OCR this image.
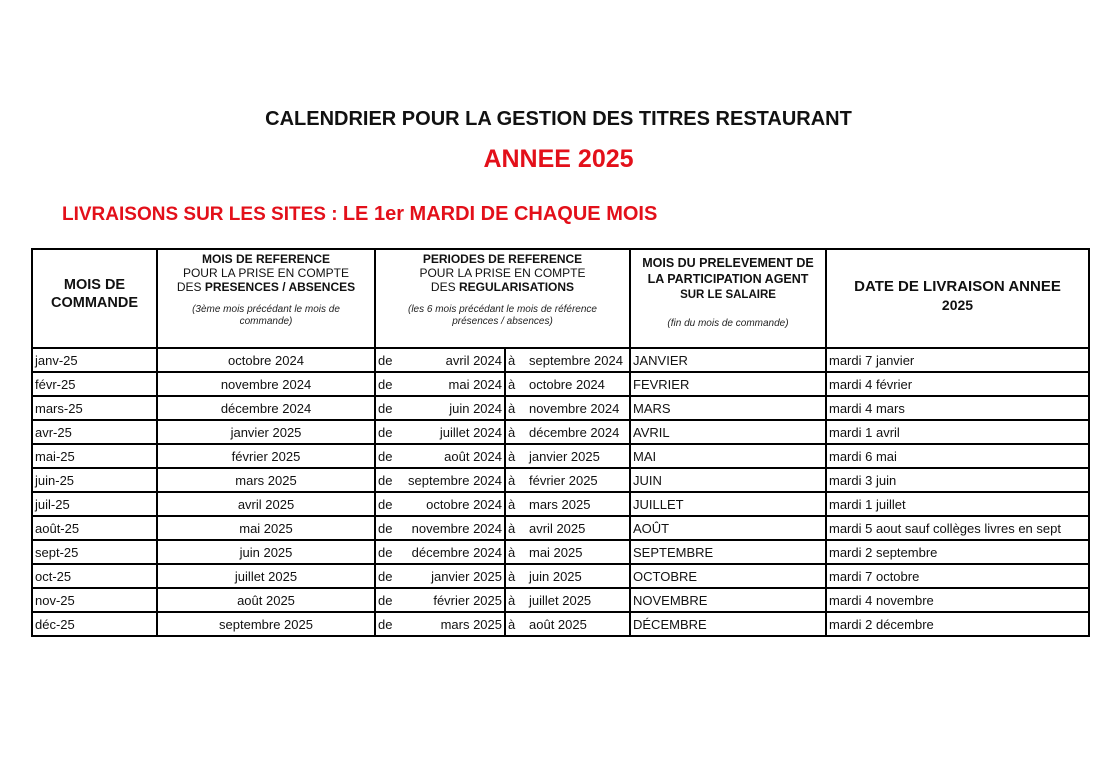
CALENDRIER POUR LA GESTION DES TITRES RESTAURANT
ANNEE 2025
LIVRAISONS SUR LES SITES : LE 1er MARDI DE CHAQUE MOIS
MOIS DE
COMMANDE

MOIS DE REFERENCE
POUR LA PRISE EN COMPTE
DES PRESENCES / ABSENCES
(3ème mois précédant le mois de commande)

PERIODES DE REFERENCE
POUR LA PRISE EN COMPTE
DES REGULARISATIONS
(les 6 mois précédant le mois de référence présences / absences)

MOIS DU PRELEVEMENT DE
LA PARTICIPATION AGENT
SUR LE SALAIRE
(fin du mois de commande)

DATE DE LIVRAISON ANNEE
2025

janv-25	octobre 2024	de	avril 2024	à	septembre 2024	JANVIER	mardi 7 janvier
févr-25	novembre 2024	de	mai 2024	à	octobre 2024	FEVRIER	mardi 4 février
mars-25	décembre 2024	de	juin 2024	à	novembre 2024	MARS	mardi 4 mars
avr-25	janvier 2025	de	juillet 2024	à	décembre 2024	AVRIL	mardi 1 avril
mai-25	février 2025	de	août 2024	à	janvier 2025	MAI	mardi 6 mai
juin-25	mars 2025	de	septembre 2024	à	février 2025	JUIN	mardi 3 juin
juil-25	avril 2025	de	octobre 2024	à	mars 2025	JUILLET	mardi 1 juillet
août-25	mai 2025	de	novembre 2024	à	avril 2025	AOÛT	mardi 5 aout sauf collèges livres en sept
sept-25	juin 2025	de	décembre 2024	à	mai 2025	SEPTEMBRE	mardi 2 septembre
oct-25	juillet 2025	de	janvier 2025	à	juin 2025	OCTOBRE	mardi 7 octobre
nov-25	août 2025	de	février 2025	à	juillet 2025	NOVEMBRE	mardi 4 novembre
déc-25	septembre 2025	de	mars 2025	à	août 2025	DÉCEMBRE	mardi 2 décembre
